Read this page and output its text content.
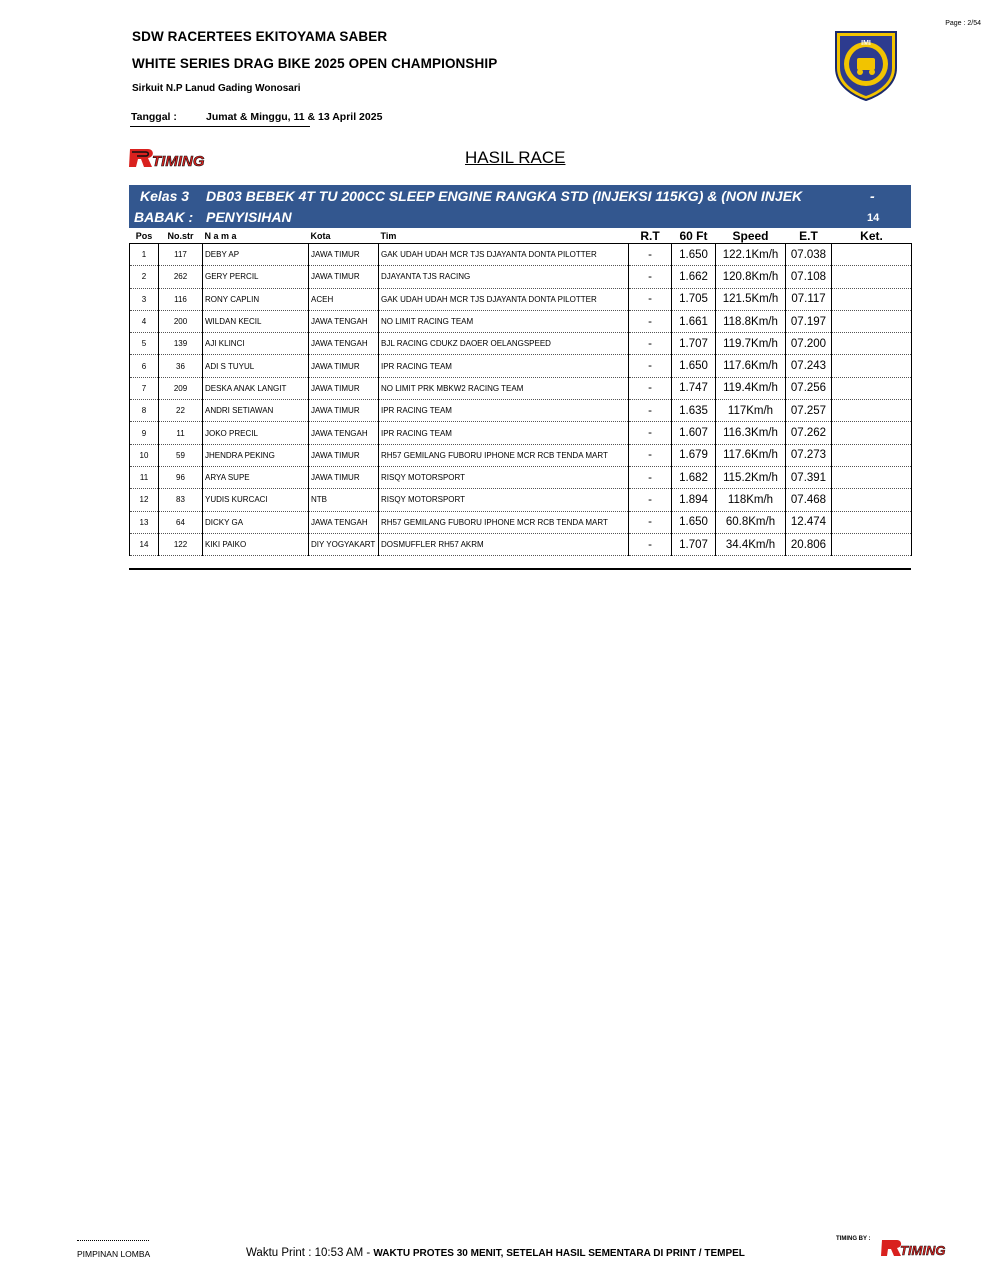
Page : 2/54
SDW RACERTEES EKITOYAMA SABER
WHITE SERIES DRAG BIKE 2025 OPEN CHAMPIONSHIP
Sirkuit N.P Lanud Gading Wonosari
Tanggal :	Jumat & Minggu, 11 & 13 April 2025
IMI
TIMING	HASIL RACE
Kelas 3 DB03 BEBEK 4T TU 200CC SLEEP ENGINE RANGKA STD (INJEKSI 115KG) & (NON INJEK	-
BABAK : PENYISIHAN	14
Pos	No.str	N a m a	Kota	Tim	R.T	60 Ft	Speed	E.T	Ket.
1	117	DEBY AP	JAWA TIMUR	GAK UDAH UDAH MCR TJS DJAYANTA DONTA PILOTTER	-	1.650	122.1Km/h	07.038	
2	262	GERY PERCIL	JAWA TIMUR	DJAYANTA TJS RACING	-	1.662	120.8Km/h	07.108	
3	116	RONY CAPLIN	ACEH	GAK UDAH UDAH MCR TJS DJAYANTA DONTA PILOTTER	-	1.705	121.5Km/h	07.117	
4	200	WILDAN KECIL	JAWA TENGAH	NO LIMIT RACING TEAM	-	1.661	118.8Km/h	07.197	
5	139	AJI KLINCI	JAWA TENGAH	BJL RACING CDUKZ DAOER OELANGSPEED	-	1.707	119.7Km/h	07.200	
6	36	ADI S TUYUL	JAWA TIMUR	IPR RACING TEAM	-	1.650	117.6Km/h	07.243	
7	209	DESKA ANAK LANGIT	JAWA TIMUR	NO LIMIT PRK MBKW2 RACING TEAM	-	1.747	119.4Km/h	07.256	
8	22	ANDRI SETIAWAN	JAWA TIMUR	IPR RACING TEAM	-	1.635	117Km/h	07.257	
9	11	JOKO PRECIL	JAWA TENGAH	IPR RACING TEAM	-	1.607	116.3Km/h	07.262	
10	59	JHENDRA PEKING	JAWA TIMUR	RH57 GEMILANG FUBORU IPHONE MCR RCB TENDA MART	-	1.679	117.6Km/h	07.273	
11	96	ARYA SUPE	JAWA TIMUR	RISQY MOTORSPORT	-	1.682	115.2Km/h	07.391	
12	83	YUDIS KURCACI	NTB	RISQY MOTORSPORT	-	1.894	118Km/h	07.468	
13	64	DICKY GA	JAWA TENGAH	RH57 GEMILANG FUBORU IPHONE MCR RCB TENDA MART	-	1.650	60.8Km/h	12.474	
14	122	KIKI PAIKO	DIY YOGYAKART	DOSMUFFLER RH57 AKRM	-	1.707	34.4Km/h	20.806	
PIMPINAN LOMBA	Waktu Print : 10:53 AM - WAKTU PROTES 30 MENIT, SETELAH HASIL SEMENTARA DI PRINT / TEMPEL
TIMING BY :
TIMING
